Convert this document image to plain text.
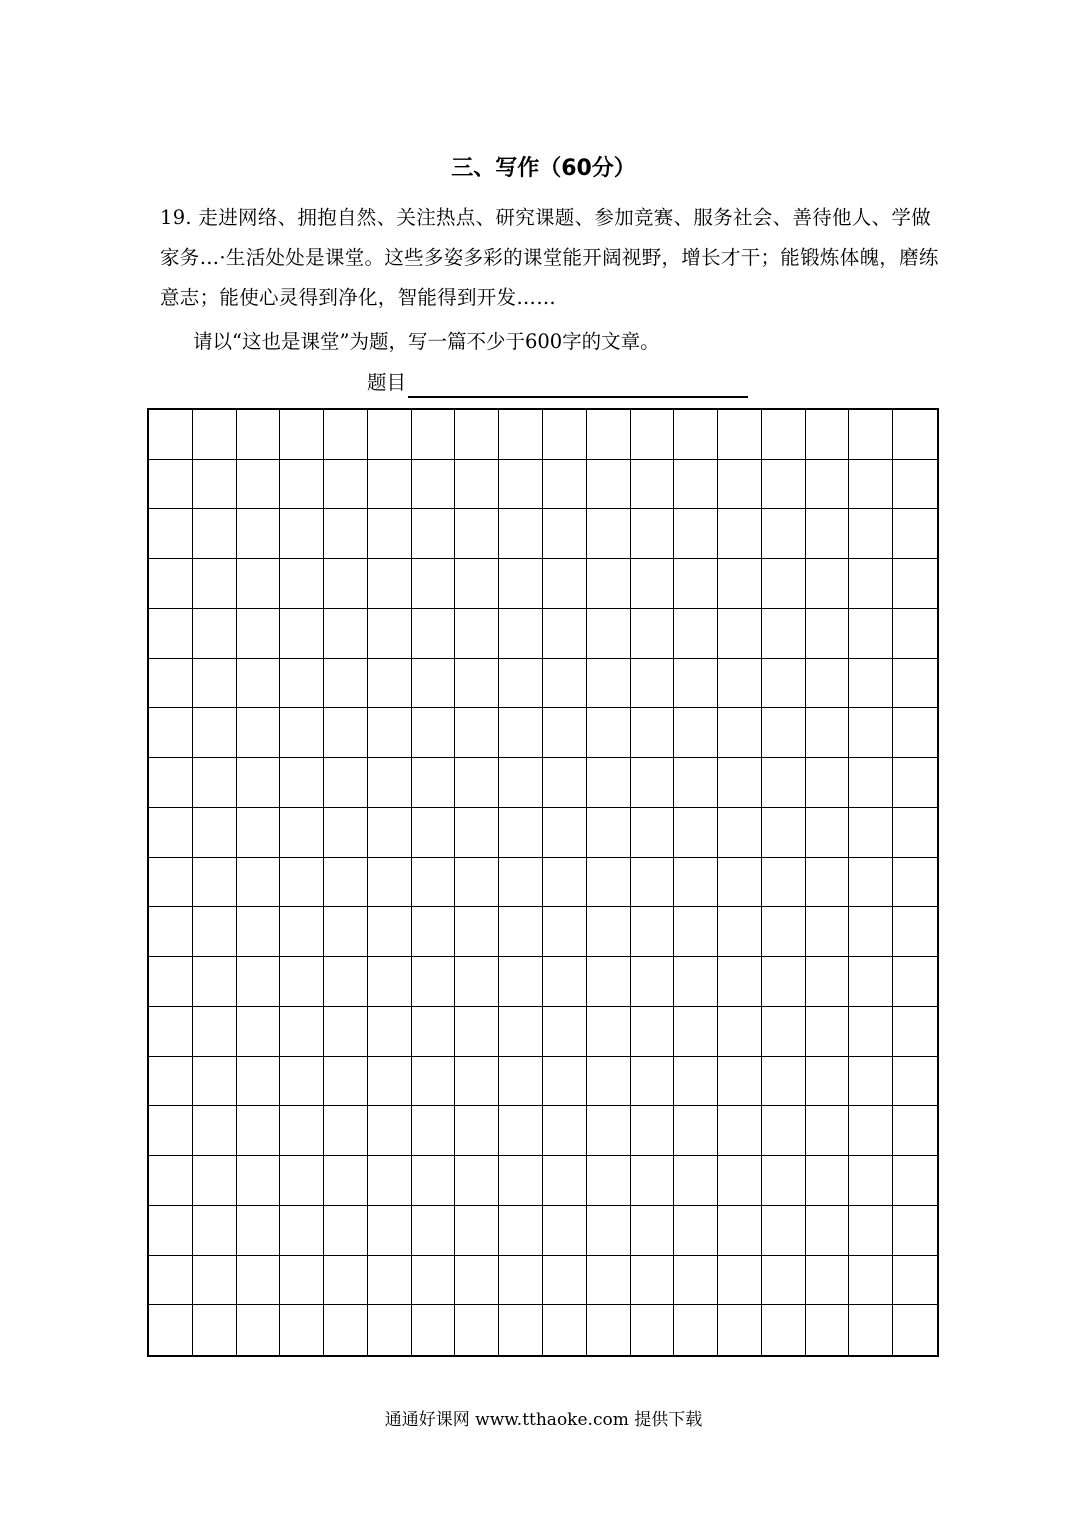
三、写作（60分）

19. 走进网络、拥抱自然、关注热点、研究课题、参加竞赛、服务社会、善待他人、学做家务…·生活处处是课堂。这些多姿多彩的课堂能开阔视野，增长才干；能锻炼体魄，磨练意志；能使心灵得到净化，智能得到开发……

请以“这也是课堂”为题，写一篇不少于600字的文章。

题目
通通好课网 www.tthaoke.com 提供下载
